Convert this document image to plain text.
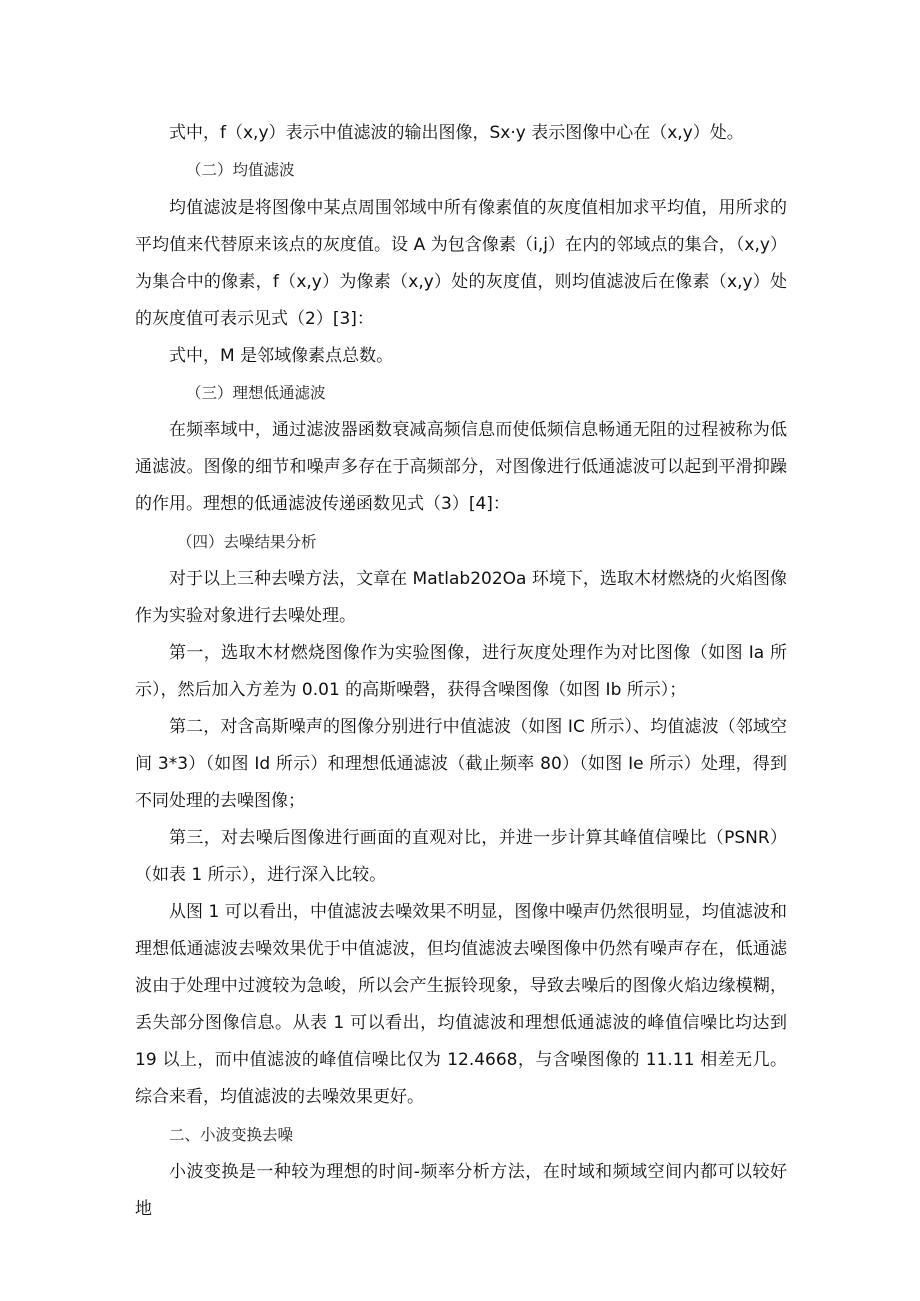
式中，f（x,y）表示中值滤波的输出图像，Sx·y 表示图像中心在（x,y）处。

（二）均值滤波

均值滤波是将图像中某点周围邻域中所有像素值的灰度值相加求平均值，用所求的平均值来代替原来该点的灰度值。设 A 为包含像素（i,j）在内的邻域点的集合，（x,y）为集合中的像素，f（x,y）为像素（x,y）处的灰度值，则均值滤波后在像素（x,y）处的灰度值可表示见式（2）[3]：

式中，M 是邻域像素点总数。

（三）理想低通滤波

在频率域中，通过滤波器函数衰减高频信息而使低频信息畅通无阻的过程被称为低通滤波。图像的细节和噪声多存在于高频部分，对图像进行低通滤波可以起到平滑抑躁的作用。理想的低通滤波传递函数见式（3）[4]：

（四）去噪结果分析

对于以上三种去噪方法，文章在 Matlab202Oa 环境下，选取木材燃烧的火焰图像作为实验对象进行去噪处理。

第一，选取木材燃烧图像作为实验图像，进行灰度处理作为对比图像（如图 Ia 所示），然后加入方差为 0.01 的高斯噪磬，获得含噪图像（如图 Ib 所示）；

第二，对含高斯噪声的图像分别进行中值滤波（如图 IC 所示）、均值滤波（邻域空间 3*3）（如图 Id 所示）和理想低通滤波（截止频率 80）（如图 Ie 所示）处理，得到不同处理的去噪图像；

第三，对去噪后图像进行画面的直观对比，并进一步计算其峰值信噪比（PSNR）（如表 1 所示），进行深入比较。

从图 1 可以看出，中值滤波去噪效果不明显，图像中噪声仍然很明显，均值滤波和理想低通滤波去噪效果优于中值滤波，但均值滤波去噪图像中仍然有噪声存在，低通滤波由于处理中过渡较为急峻，所以会产生振铃现象，导致去噪后的图像火焰边缘模糊，丢失部分图像信息。从表 1 可以看出，均值滤波和理想低通滤波的峰值信噪比均达到 19 以上，而中值滤波的峰值信噪比仅为 12.4668，与含噪图像的 11.11 相差无几。综合来看，均值滤波的去噪效果更好。

二、小波变换去噪

小波变换是一种较为理想的时间-频率分析方法，在时域和频域空间内都可以较好地
